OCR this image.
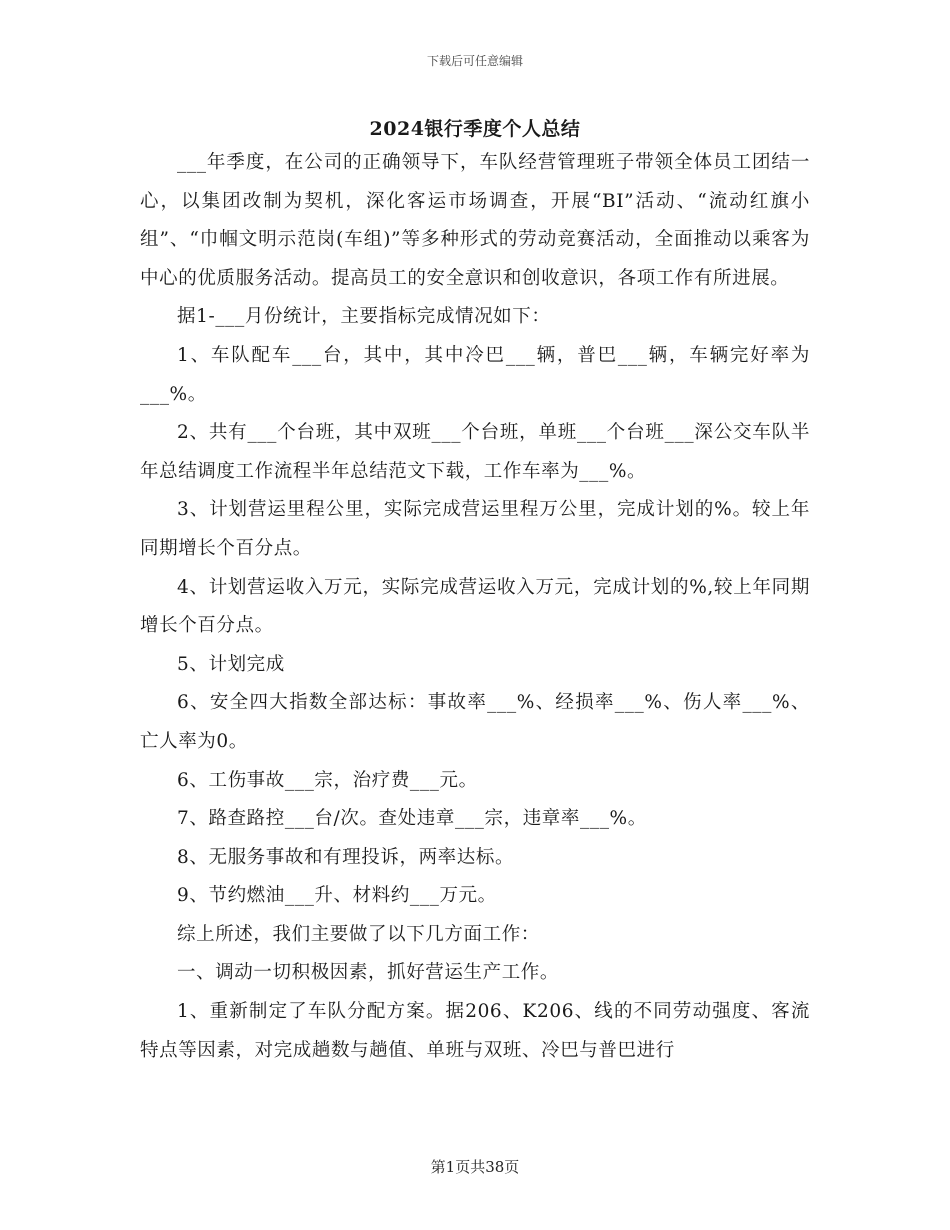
下载后可任意编辑
2024银行季度个人总结

___年季度，在公司的正确领导下，车队经营管理班子带领全体员工团结一心，以集团改制为契机，深化客运市场调查，开展“BI”活动、“流动红旗小组”、“巾帼文明示范岗(车组)”等多种形式的劳动竞赛活动，全面推动以乘客为中心的优质服务活动。提高员工的安全意识和创收意识，各项工作有所进展。

据1-___月份统计，主要指标完成情况如下：

1、车队配车___台，其中，其中冷巴___辆，普巴___辆，车辆完好率为___%。

2、共有___个台班，其中双班___个台班，单班___个台班___深公交车队半年总结调度工作流程半年总结范文下载，工作车率为___%。

3、计划营运里程公里，实际完成营运里程万公里，完成计划的%。较上年同期增长个百分点。

4、计划营运收入万元，实际完成营运收入万元，完成计划的%,较上年同期增长个百分点。

5、计划完成

6、安全四大指数全部达标：事故率___%、经损率___%、伤人率___%、亡人率为0。

6、工伤事故___宗，治疗费___元。

7、路查路控___台/次。查处违章___宗，违章率___%。

8、无服务事故和有理投诉，两率达标。

9、节约燃油___升、材料约___万元。

综上所述，我们主要做了以下几方面工作：

一、调动一切积极因素，抓好营运生产工作。

1、重新制定了车队分配方案。据206、K206、线的不同劳动强度、客流特点等因素，对完成趟数与趟值、单班与双班、冷巴与普巴进行

第1页共38页
